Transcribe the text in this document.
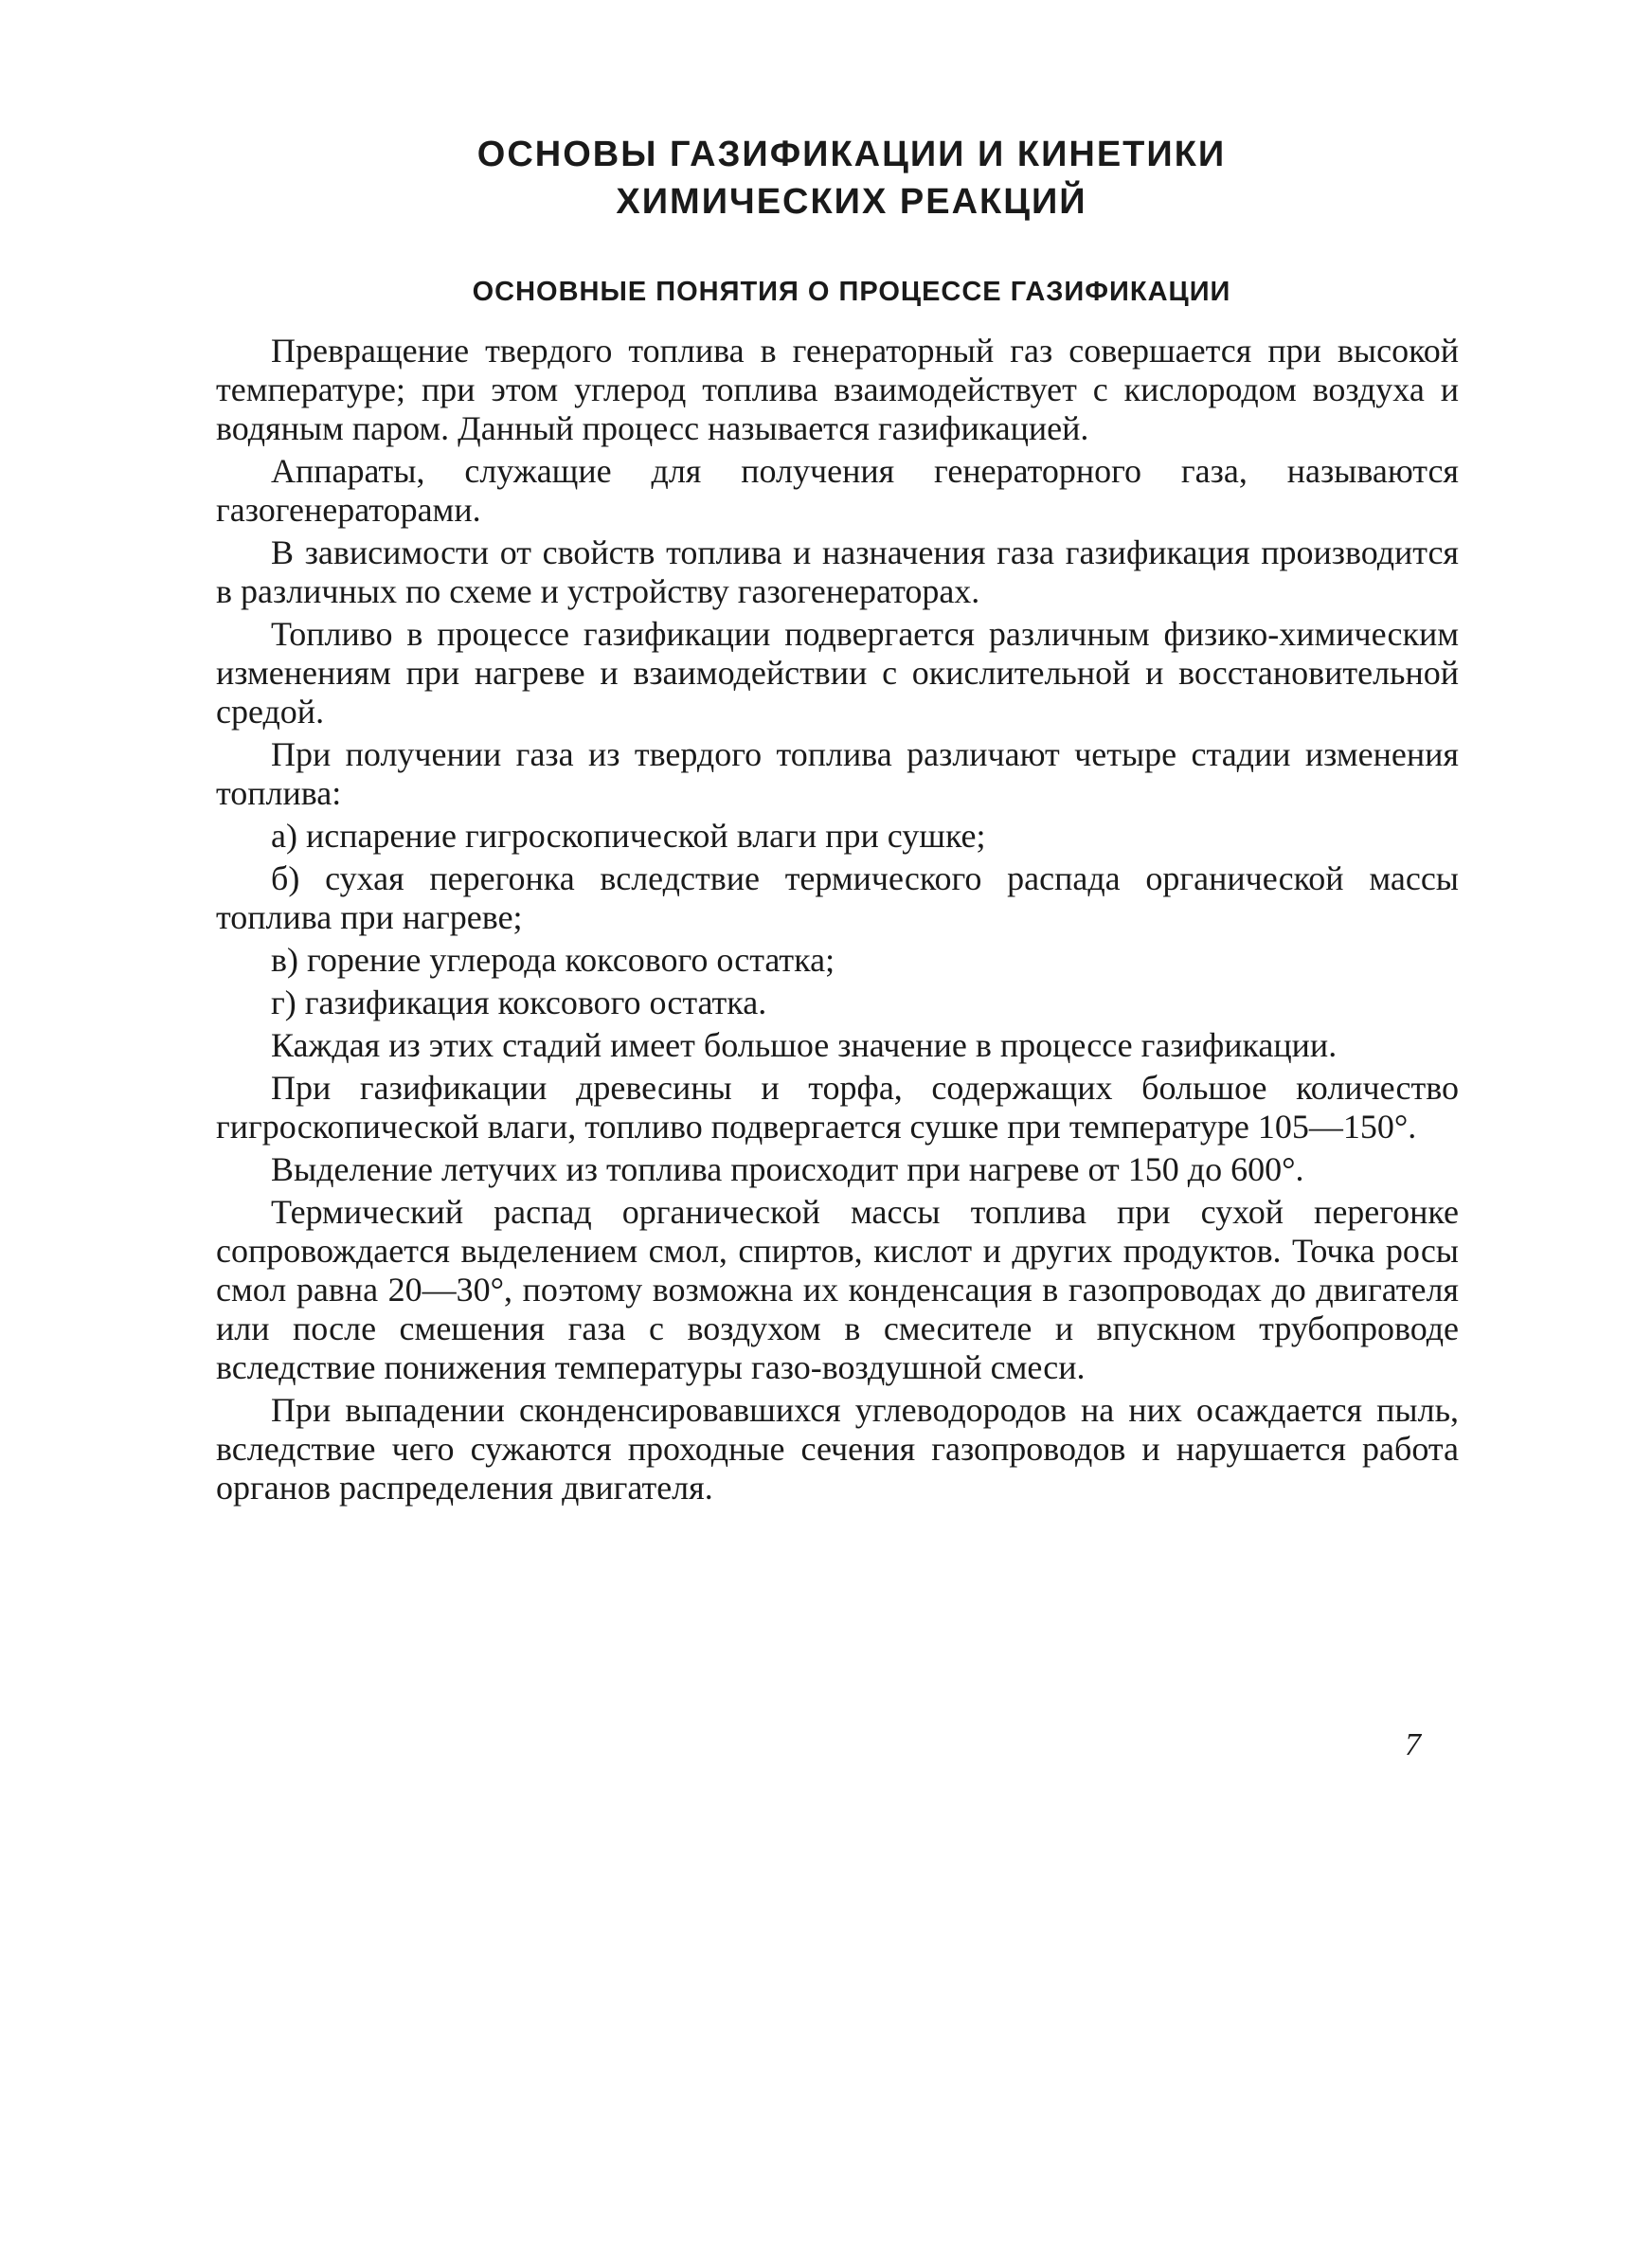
ОСНОВЫ ГАЗИФИКАЦИИ И КИНЕТИКИ
ХИМИЧЕСКИХ РЕАКЦИЙ
ОСНОВНЫЕ ПОНЯТИЯ О ПРОЦЕССЕ ГАЗИФИКАЦИИ

Превращение твердого топлива в генераторный газ совершается при высокой температуре; при этом углерод топлива взаимодействует с кислородом воздуха и водяным паром. Данный процесс называется газификацией.

Аппараты, служащие для получения генераторного газа, называются газогенераторами.

В зависимости от свойств топлива и назначения газа газификация производится в различных по схеме и устройству газогенераторах.

Топливо в процессе газификации подвергается различным физико-химическим изменениям при нагреве и взаимодействии с окислительной и восстановительной средой.

При получении газа из твердого топлива различают четыре стадии изменения топлива:

а) испарение гигроскопической влаги при сушке;

б) сухая перегонка вследствие термического распада органической массы топлива при нагреве;

в) горение углерода коксового остатка;

г) газификация коксового остатка.

Каждая из этих стадий имеет большое значение в процессе газификации.

При газификации древесины и торфа, содержащих большое количество гигроскопической влаги, топливо подвергается сушке при температуре 105—150°.

Выделение летучих из топлива происходит при нагреве от 150 до 600°.

Термический распад органической массы топлива при сухой перегонке сопровождается выделением смол, спиртов, кислот и других продуктов. Точка росы смол равна 20—30°, поэтому возможна их конденсация в газопроводах до двигателя или после смешения газа с воздухом в смесителе и впускном трубопроводе вследствие понижения температуры газо-воздушной смеси.

При выпадении сконденсировавшихся углеводородов на них осаждается пыль, вследствие чего сужаются проходные сечения газопроводов и нарушается работа органов распределения двигателя.

7
